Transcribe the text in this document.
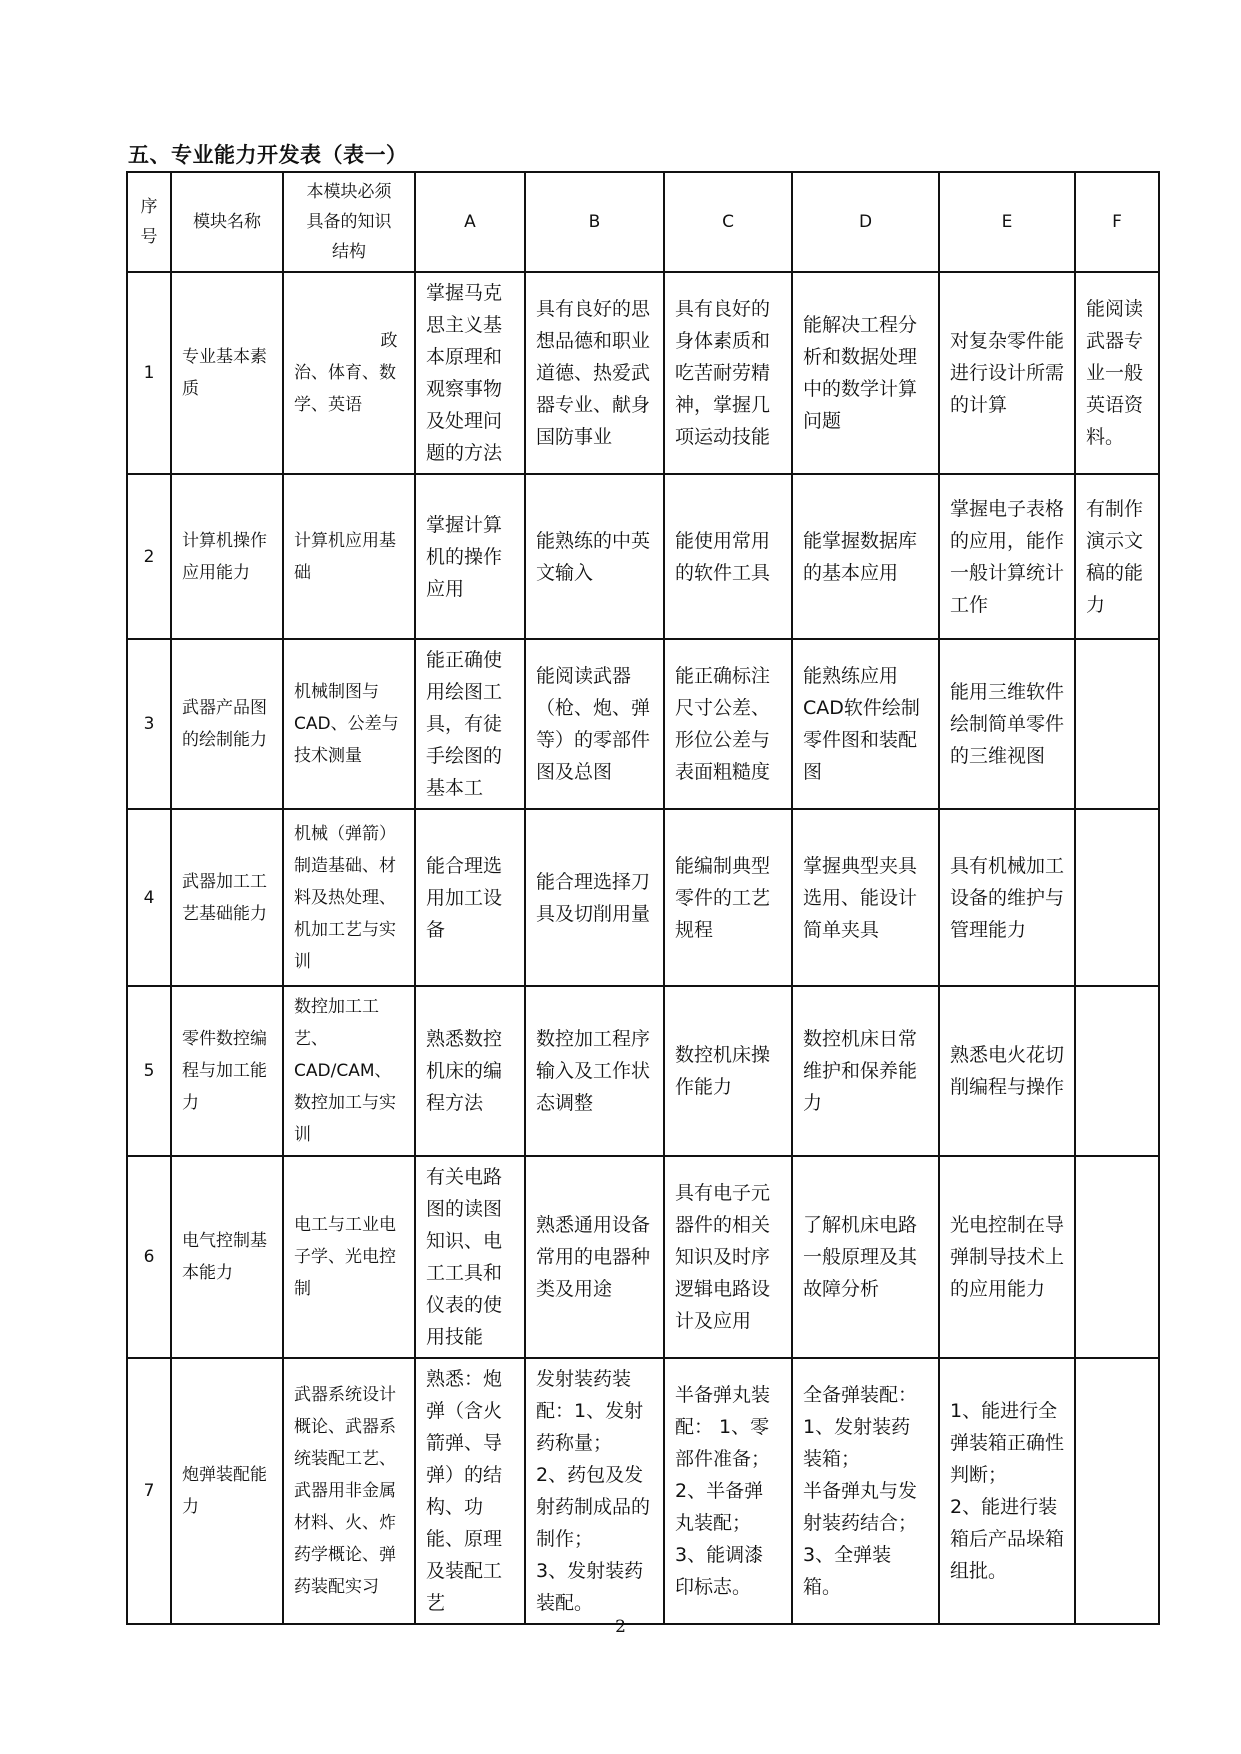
五、专业能力开发表（表一）
序
号	模块名称	本模块必须
具备的知识
结构	A	B	C	D	E	F
1	专业基本素质	政治、体育、数学、英语	掌握马克思主义基本原理和观察事物及处理问题的方法	具有良好的思想品德和职业道德、热爱武器专业、献身国防事业	具有良好的身体素质和吃苦耐劳精神，掌握几项运动技能	能解决工程分析和数据处理中的数学计算问题	对复杂零件能进行设计所需的计算	能阅读武器专业一般英语资料。
2	计算机操作应用能力	计算机应用基础	掌握计算机的操作应用	能熟练的中英文输入	能使用常用的软件工具	能掌握数据库的基本应用	掌握电子表格的应用，能作一般计算统计工作	有制作演示文稿的能力
3	武器产品图的绘制能力	机械制图与CAD、公差与技术测量	能正确使用绘图工具，有徒手绘图的基本工	能阅读武器（枪、炮、弹等）的零部件图及总图	能正确标注尺寸公差、形位公差与表面粗糙度	能熟练应用CAD软件绘制零件图和装配图	能用三维软件绘制简单零件的三维视图	
4	武器加工工艺基础能力	机械（弹箭）制造基础、材料及热处理、机加工艺与实训	能合理选用加工设备	能合理选择刀具及切削用量	能编制典型零件的工艺规程	掌握典型夹具选用、能设计简单夹具	具有机械加工设备的维护与管理能力	
5	零件数控编程与加工能力	数控加工工艺、CAD/CAM、数控加工与实训	熟悉数控机床的编程方法	数控加工程序输入及工作状态调整	数控机床操作能力	数控机床日常维护和保养能力	熟悉电火花切削编程与操作	
6	电气控制基本能力	电工与工业电子学、光电控制	有关电路图的读图知识、电工工具和仪表的使用技能	熟悉通用设备常用的电器种类及用途	具有电子元器件的相关知识及时序逻辑电路设计及应用	了解机床电路一般原理及其故障分析	光电控制在导弹制导技术上的应用能力	
7	炮弹装配能力	武器系统设计概论、武器系统装配工艺、武器用非金属材料、火、炸药学概论、弹药装配实习	熟悉：炮弹（含火箭弹、导弹）的结构、功能、原理及装配工艺	发射装药装配：1、发射药称量；
2、药包及发射药制成品的制作；
3、发射装药装配。	半备弹丸装配： 1、零部件准备；
2、半备弹丸装配；
3、能调漆印标志。	全备弹装配：
1、发射装药装箱；
半备弹丸与发射装药结合；
3、全弹装箱。	1、能进行全弹装箱正确性判断；
2、能进行装箱后产品垛箱组批。	
2
